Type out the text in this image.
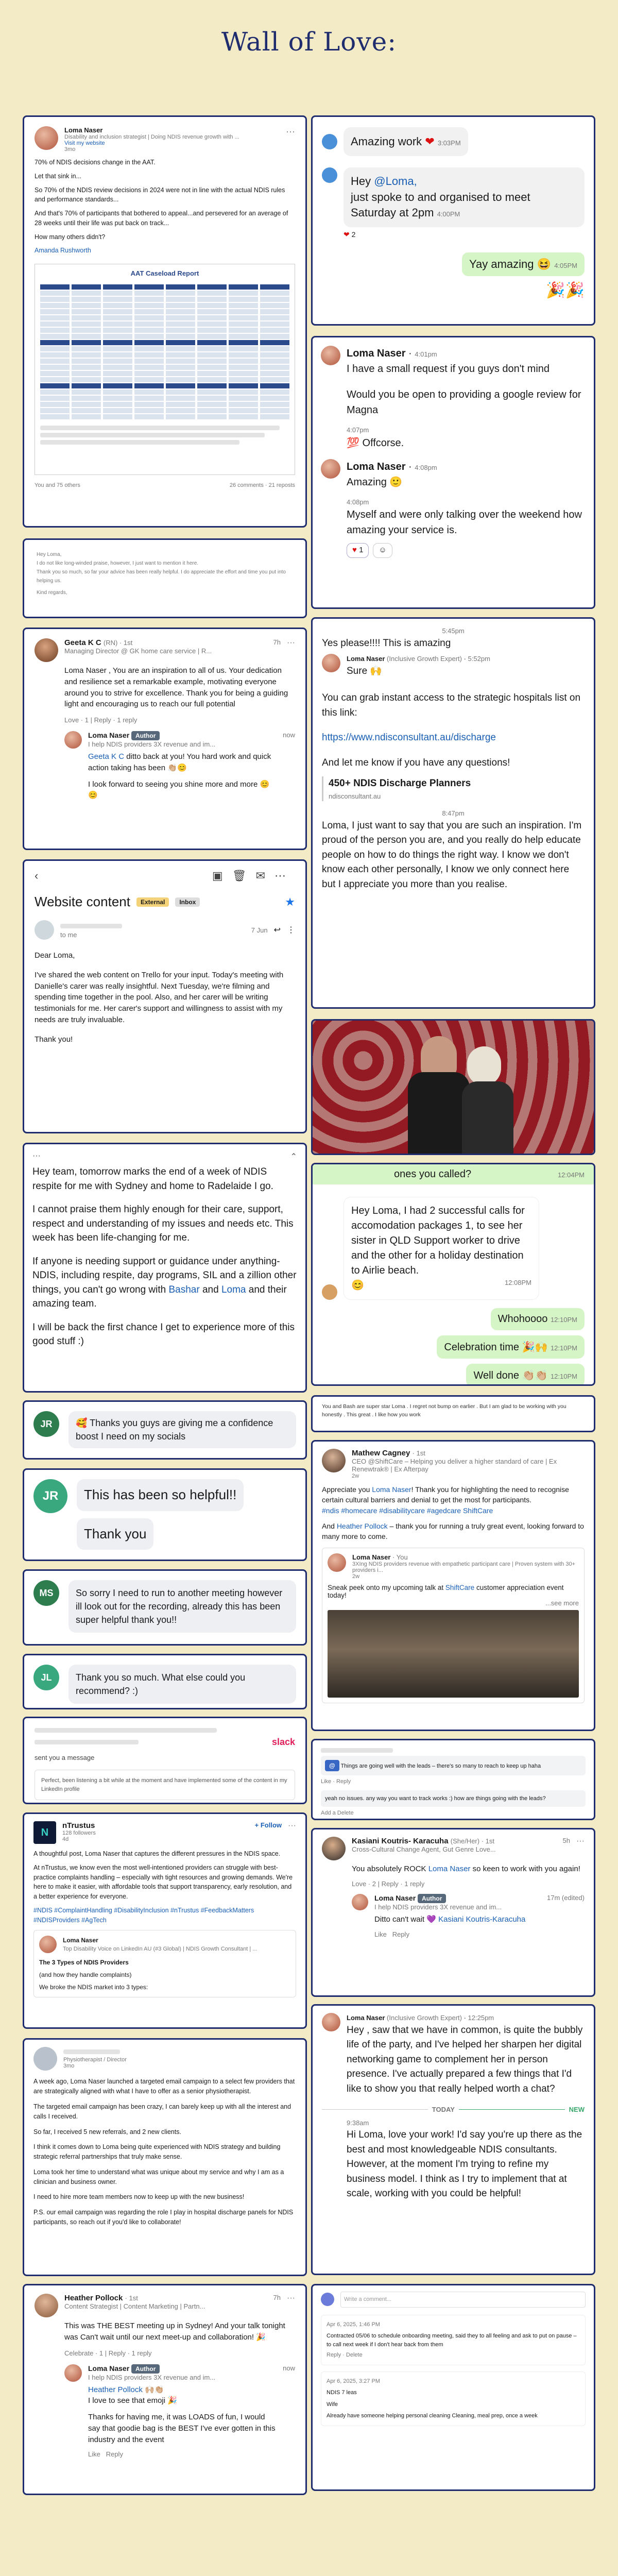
Wall of Love:
Loma Naser
Disability and inclusion strategist | Doing NDIS revenue growth with ...
Visit my website
3mo
···

70% of NDIS decisions change in the AAT.

Let that sink in...

So 70% of the NDIS review decisions in 2024 were not in line with the actual NDIS rules and performance standards...

And that's 70% of participants that bothered to appeal...and persevered for an average of 28 weeks until their life was put back on track...

How many others didn't?

Amanda Rushworth

AAT Caseload Report
You and 75 others	26 comments · 21 reposts

Hey Loma,

I do not like long-winded praise, however, I just want to mention it here.

Thank you so much, so far your advice has been really helpful. I do appreciate the effort and time you put into helping us.

Kind regards,

Geeta K C (RN) · 1st
Managing Director @ GK home care service | R...
7h ···
Loma Naser , You are an inspiration to all of us. Your dedication and resilience set a remarkable example, motivating everyone around you to strive for excellence. Thank you for being a guiding light and encouraging us to reach our full potential
Love · 1 | Reply · 1 reply
Loma Naser Author
I help NDIS providers 3X revenue and im...
Geeta K C ditto back at you! You hard work and quick action taking has been 👏🏼😊
I look forward to seeing you shine more and more 😊😊
now
‹	▣🗑✉⋯
Website content	External	Inbox	★
to me
7 Jun ↩ ⋮

Dear Loma,

I've shared the web content on Trello for your input. Today's meeting with Danielle's carer was really insightful. Next Tuesday, we're filming and spending time together in the pool. Also, and her carer will be writing testimonials for me. Her carer's support and willingness to assist with my needs are truly invaluable.

Thank you!

···	⌃

Hey team, tomorrow marks the end of a week of NDIS respite for me with Sydney and home to Radelaide I go.

I cannot praise them highly enough for their care, support, respect and understanding of my issues and needs etc. This week has been life-changing for me.

If anyone is needing support or guidance under anything-NDIS, including respite, day programs, SIL and a zillion other things, you can't go wrong with Bashar and Loma and their amazing team.

I will be back the first chance I get to experience more of this good stuff :)

JR	🥰 Thanks you guys are giving me a confidence boost I need on my socials
JR	This has been so helpful!!
Thank you
MS	So sorry I need to run to another meeting however ill look out for the recording, already this has been super helpful thank you!!
JL	Thank you so much. What else could you recommend? :)
slack
sent you a message
Perfect, been listening a bit while at the moment and have implemented some of the content in my LinkedIn profile
N
nTrustus
128 followers
4d
+ Follow ···

A thoughtful post, Loma Naser that captures the different pressures in the NDIS space.

At nTrustus, we know even the most well-intentioned providers can struggle with best-practice complaints handling – especially with tight resources and growing demands. We're here to make it easier, with affordable tools that support transparency, early resolution, and a better experience for everyone.

#NDIS #ComplaintHandling #DisabilityInclusion #nTrustus #FeedbackMatters #NDISProviders #AgTech

Loma Naser
Top Disability Voice on LinkedIn AU (#3 Global) | NDIS Growth Consultant | ...

The 3 Types of NDIS Providers

(and how they handle complaints)

We broke the NDIS market into 3 types:

Physiotherapist / Director
3mo

A week ago, Loma Naser launched a targeted email campaign to a select few providers that are strategically aligned with what I have to offer as a senior physiotherapist.

The targeted email campaign has been crazy, I can barely keep up with all the interest and calls I received.

So far, I received 5 new referrals, and 2 new clients.

I think it comes down to Loma being quite experienced with NDIS strategy and building strategic referral partnerships that truly make sense.

Loma took her time to understand what was unique about my service and why I am as a clinician and business owner.

I need to hire more team members now to keep up with the new business!

P.S. our email campaign was regarding the role I play in hospital discharge panels for NDIS participants, so reach out if you'd like to collaborate!

Heather Pollock · 1st
Content Strategist | Content Marketing | Partn...
7h ···
This was THE BEST meeting up in Sydney! And your talk tonight was Can't wait until our next meet-up and collaboration! 🎉
Celebrate · 1 | Reply · 1 reply
Loma Naser Author
I help NDIS providers 3X revenue and im...
Heather Pollock 🙌🏼👏🏼
I love to see that emoji 🎉
Thanks for having me, it was LOADS of fun, I would say that goodie bag is the BEST I've ever gotten in this industry and the event
Like Reply
now
Amazing work ❤ 3:03PM
Hey @Loma,
just spoke to and organised to meet Saturday at 2pm 4:00PM
❤ 2
Yay amazing 😆 4:05PM
🎉🎉
Loma Naser · 4:01pm

I have a small request if you guys don't mind

Would you be open to providing a google review for Magna

4:07pm
💯 Offcorse.
Loma Naser · 4:08pm

Amazing 🙂

4:08pm

Myself and were only talking over the weekend how amazing your service is.

♥ 1	☺
5:45pm

Yes please!!!! This is amazing

Loma Naser (Inclusive Growth Expert) · 5:52pm

Sure 🙌

You can grab instant access to the strategic hospitals list on this link:

https://www.ndisconsultant.au/discharge

And let me know if you have any questions!

450+ NDIS Discharge Planners
ndisconsultant.au
8:47pm

Loma, I just want to say that you are such an inspiration. I'm proud of the person you are, and you really do help educate people on how to do things the right way. I know we don't know each other personally, I know we only connect here but I appreciate you more than you realise.

ones you called?	12:04PM
Hey Loma, I had 2 successful calls for accomodation packages 1, to see her sister in QLD Support worker to drive and the other for a holiday destination to Airlie beach.
😊	12:08PM
Whohoooo 12:10PM
Celebration time 🎉🙌 12:10PM
Well done 👏🏼👏🏼 12:10PM
You and Bash are super star Loma . I regret not bump on earlier . But I am glad to be working with you honestly . This great . I like how you work
Mathew Cagney · 1st
CEO @ShiftCare – Helping you deliver a higher standard of care | Ex Renewtrak® | Ex Afterpay
2w

Appreciate you Loma Naser! Thank you for highlighting the need to recognise certain cultural barriers and denial to get the most for participants.

#ndis #homecare #disabilitycare #agedcare ShiftCare

And Heather Pollock – thank you for running a truly great event, looking forward to many more to come.

Loma Naser · You
3XIng NDIS providers revenue with empathetic participant care | Proven system with 30+ providers i...
2w

Sneak peek onto my upcoming talk at ShiftCare customer appreciation event today!

...see more

@ Things are going well with the leads – there's so many to reach to keep up haha
Like · Reply
yeah no issues. any way you want to track works :) how are things going with the leads?
Add a Delete
Kasiani Koutris- Karacuha (She/Her) · 1st
Cross-Cultural Change Agent, Gut Genre Love...
5h ···
You absolutely ROCK Loma Naser so keen to work with you again!
Love · 2 | Reply · 1 reply
Loma Naser Author
I help NDIS providers 3X revenue and im...
Ditto can't wait 💜 Kasiani Koutris-Karacuha
Like Reply
17m (edited)
Loma Naser (Inclusive Growth Expert) · 12:25pm

Hey , saw that we have in common, is quite the bubbly life of the party, and I've helped her sharpen her digital networking game to complement her in person presence. I've actually prepared a few things that I'd like to show you that really helped worth a chat?

TODAY	NEW
9:38am

Hi Loma, love your work! I'd say you're up there as the best and most knowledgeable NDIS consultants. However, at the moment I'm trying to refine my business model. I think as I try to implement that at scale, working with you could be helpful!

Write a comment...
Apr 6, 2025, 1:46 PM

Contracted 05/06 to schedule onboarding meeting, said they to all feeling and ask to put on pause – to call next week if I don't hear back from them

Reply · Delete

Apr 6, 2025, 3:27 PM

NDIS 7 leas

Wife

Already have someone helping personal cleaning Cleaning, meal prep, once a week
